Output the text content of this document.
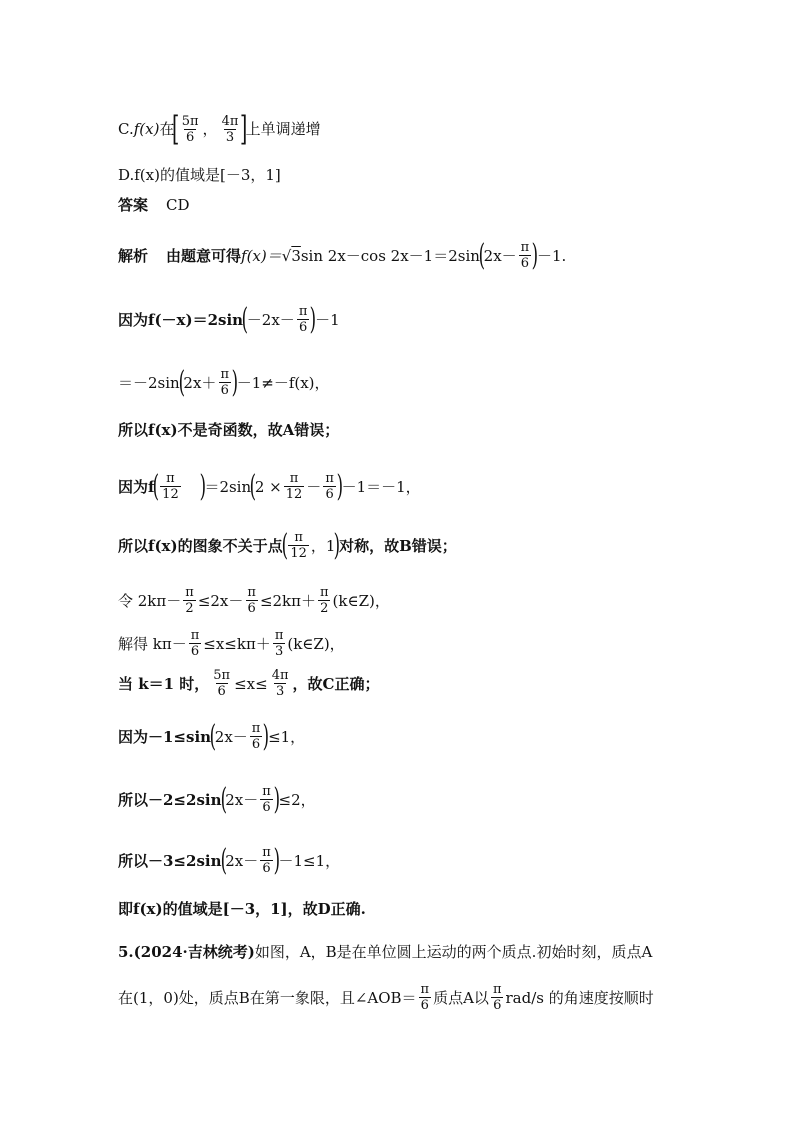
C. f(x) 在
[ $\frac{5\pi}{6}$ ， $\frac{4\pi}{3}$ ]
上单调递增
D.f(x)的值域是[－3，1]
答案 CD
解析 由题意可得 f(x)＝ √ 3 sin 2x－cos 2x－1＝2sin
(
$2x- \frac{\pi}{6}$ )
－1.
因为f(－x)＝2sin
(
$-2x- \frac{\pi}{6}$ )
－1
＝－2sin
(
$2x+ \frac{\pi}{6}$ )
－1≠－f(x)，
所以f(x)不是奇函数，故A错误；
因为f
( $\frac{\pi}{12}$ )
＝2sin
(
$2 \times \frac{\pi}{12} - \frac{\pi}{6}$ )
－1＝－1，
所以f(x)的图象不关于点
( $\frac{\pi}{12}$ ，1
)
对称，故B错误；
令 $2k\pi- \frac{\pi}{2} \le 2x- \frac{\pi}{6} \le 2k\pi+ \frac{\pi}{2}$ (k∈Z)，
解得 $k\pi- \frac{\pi}{6} \le x\le k\pi+ \frac{\pi}{3}$ (k∈Z)，
当 k＝1 时， $\frac{5\pi}{6} \le x\le \frac{4\pi}{3}$ ，故C正确；
因为－1≤sin
(
$2x- \frac{\pi}{6}$ )
≤1，
所以－2≤2sin
(
$2x- \frac{\pi}{6}$ )
≤2，
所以－3≤2sin
(
$2x- \frac{\pi}{6}$ )
－1≤1，
即f(x)的值域是[－3，1]，故D正确.
5.(2024·吉林统考) 如图，A，B是在单位圆上运动的两个质点.初始时刻，质点A
在(1，0)处，质点B在第一象限，且∠AOB＝ $\frac{\pi}{6}$ 质点A以 $\frac{\pi}{6} rad/s$ 的角速度按顺时
